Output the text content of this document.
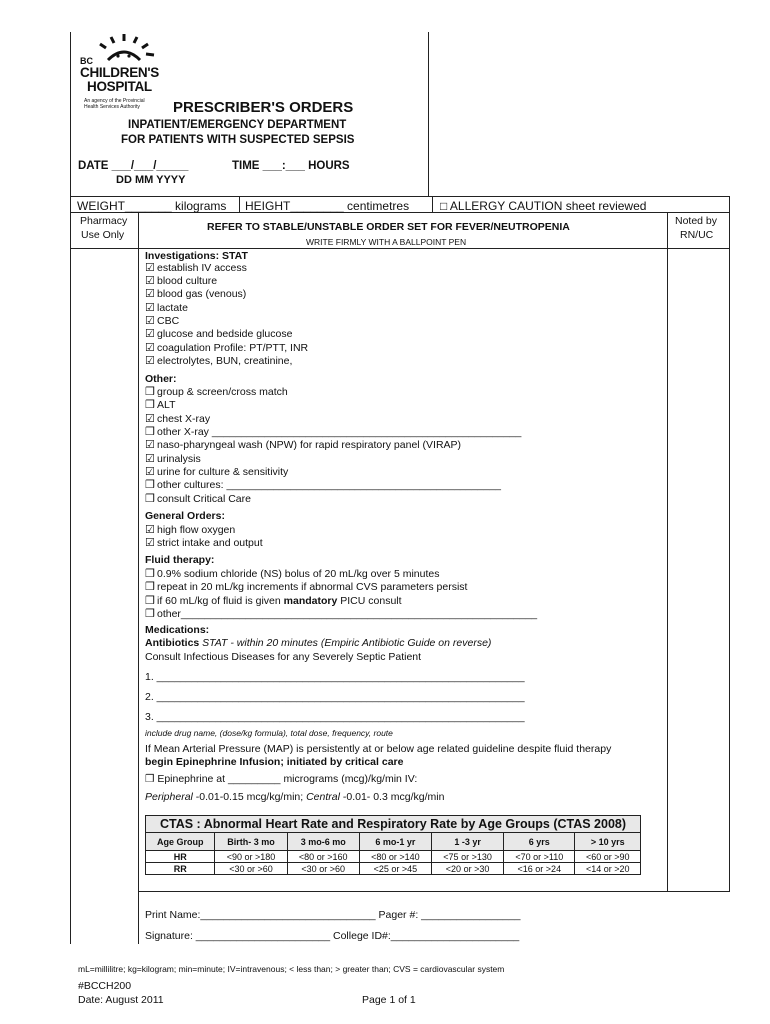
BC
CHILDREN'S
HOSPITAL
An agency of the Provincial
Health Services Authority PRESCRIBER'S ORDERS
INPATIENT/EMERGENCY DEPARTMENT
FOR PATIENTS WITH SUSPECTED SEPSIS
DATE ___/___/_____
DD MM YYYY
TIME ___:___ HOURS
WEIGHT_______ kilograms HEIGHT________ centimetres	□ ALLERGY CAUTION sheet reviewed
Pharmacy
Use Only
REFER TO STABLE/UNSTABLE ORDER SET FOR FEVER/NEUTROPENIA
WRITE FIRMLY WITH A BALLPOINT PEN
Noted by
RN/UC
Investigations: STAT
☑ establish IV access
☑ blood culture
☑ blood gas (venous)
☑ lactate
☑ CBC
☑ glucose and bedside glucose
☑ coagulation Profile: PT/PTT, INR
☑ electrolytes, BUN, creatinine,
Other:
❒ group & screen/cross match
❒ ALT
☑ chest X-ray
❒ other X-ray _____________________________________________________
☑ naso-pharyngeal wash (NPW) for rapid respiratory panel (VIRAP)
☑ urinalysis
☑ urine for culture & sensitivity
❒ other cultures: _______________________________________________
❒ consult Critical Care
General Orders:
☑ high flow oxygen
☑ strict intake and output
Fluid therapy:
❒ 0.9% sodium chloride (NS) bolus of 20 mL/kg over 5 minutes
❒ repeat in 20 mL/kg increments if abnormal CVS parameters persist
❒ if 60 mL/kg of fluid is given mandatory PICU consult
❒ other_____________________________________________________________
Medications:
Antibiotics STAT - within 20 minutes (Empiric Antibiotic Guide on reverse)
Consult Infectious Diseases for any Severely Septic Patient
1. _______________________________________________________________
2. _______________________________________________________________
3. _______________________________________________________________
include drug name, (dose/kg formula), total dose, frequency, route
If Mean Arterial Pressure (MAP) is persistently at or below age related guideline despite fluid therapy
begin Epinephrine Infusion; initiated by critical care
❒ Epinephrine at _________ micrograms (mcg)/kg/min IV:
Peripheral -0.01-0.15 mcg/kg/min; Central -0.01- 0.3 mcg/kg/min
CTAS : Abnormal Heart Rate and Respiratory Rate by Age Groups (CTAS 2008)						
Age Group	Birth- 3 mo	3 mo-6 mo	6 mo-1 yr	1 -3 yr	6 yrs	> 10 yrs
HR	<90 or >180	<80 or >160	<80 or >140	<75 or >130	<70 or >110	<60 or >90
RR	<30 or >60	<30 or >60	<25 or >45	<20 or >30	<16 or >24	<14 or >20
Print Name:______________________________ Pager #: _________________
Signature: _______________________ College ID#:______________________
mL=millilitre; kg=kilogram; min=minute; IV=intravenous; < less than; > greater than; CVS = cardiovascular system
#BCCH200
Date: August 2011	Page 1 of 1
